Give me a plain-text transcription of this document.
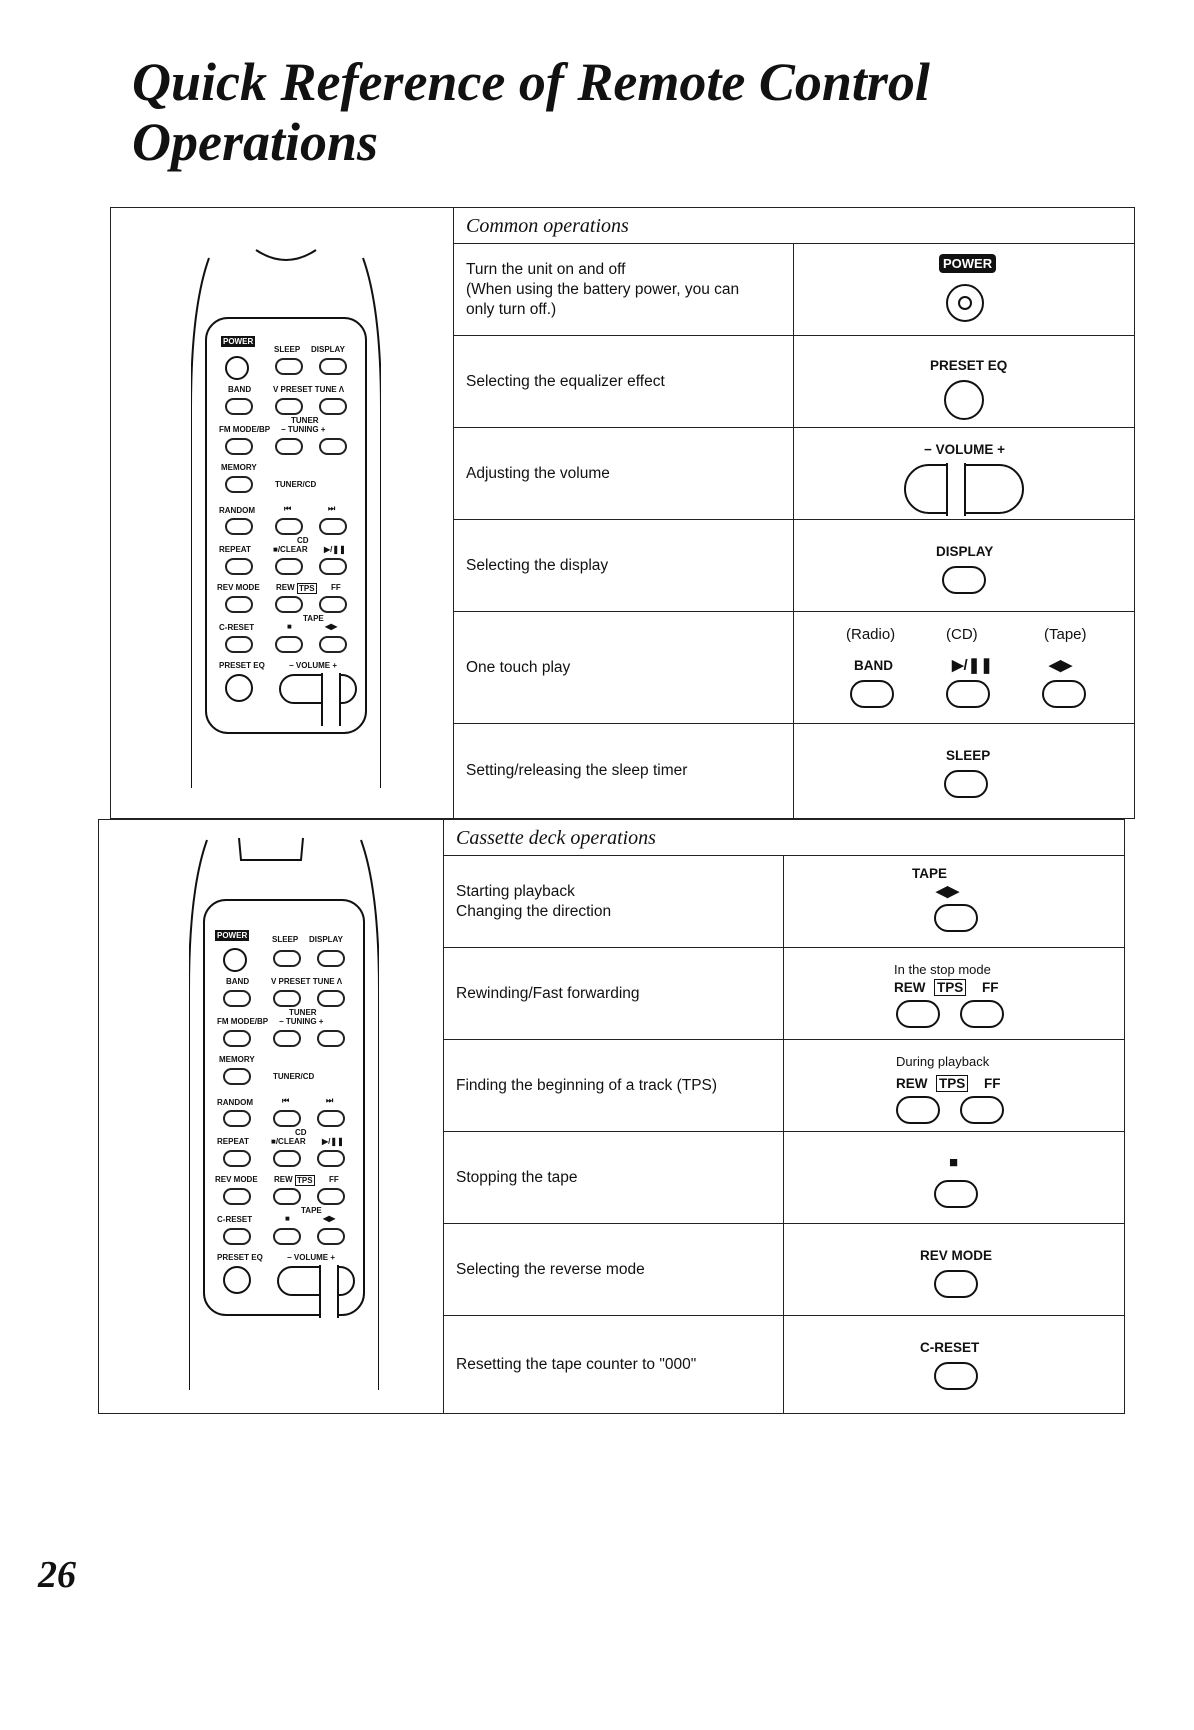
Quick Reference of Remote Control
Operations
POWER
SLEEP DISPLAY
BAND	V PRESET TUNE Λ
TUNER
FM MODE/BP − TUNING +
MEMORY
TUNER/CD
RANDOM	⏮	⏭
CD
REPEAT	■/CLEAR ▶/❚❚
REV MODE REW TPS FF
TAPE
C-RESET	■	◀▶
PRESET EQ	− VOLUME +
Common operations
Turn the unit on and off
(When using the battery power, you can
only turn off.)
POWER
Selecting the equalizer effect
PRESET EQ
Adjusting the volume
− VOLUME +
Selecting the display
DISPLAY
One touch play
(Radio)	(CD)	(Tape)
BAND	▶/❚❚	◀▶
Setting/releasing the sleep timer
SLEEP
POWER	SLEEP DISPLAY
BAND	V PRESET TUNE Λ
TUNER
FM MODE/BP − TUNING +
MEMORY
TUNER/CD
RANDOM	⏮	⏭
CD
REPEAT	■/CLEAR ▶/❚❚
REV MODE REW TPS FF
TAPE
C-RESET	■	◀▶
PRESET EQ	− VOLUME +
Cassette deck operations
Starting playback
Changing the direction
TAPE
◀▶
Rewinding/Fast forwarding
In the stop mode
REW TPS FF
Finding the beginning of a track (TPS)
During playback
REW TPS FF
Stopping the tape
■
Selecting the reverse mode
REV MODE
Resetting the tape counter to "000"
C-RESET
26
